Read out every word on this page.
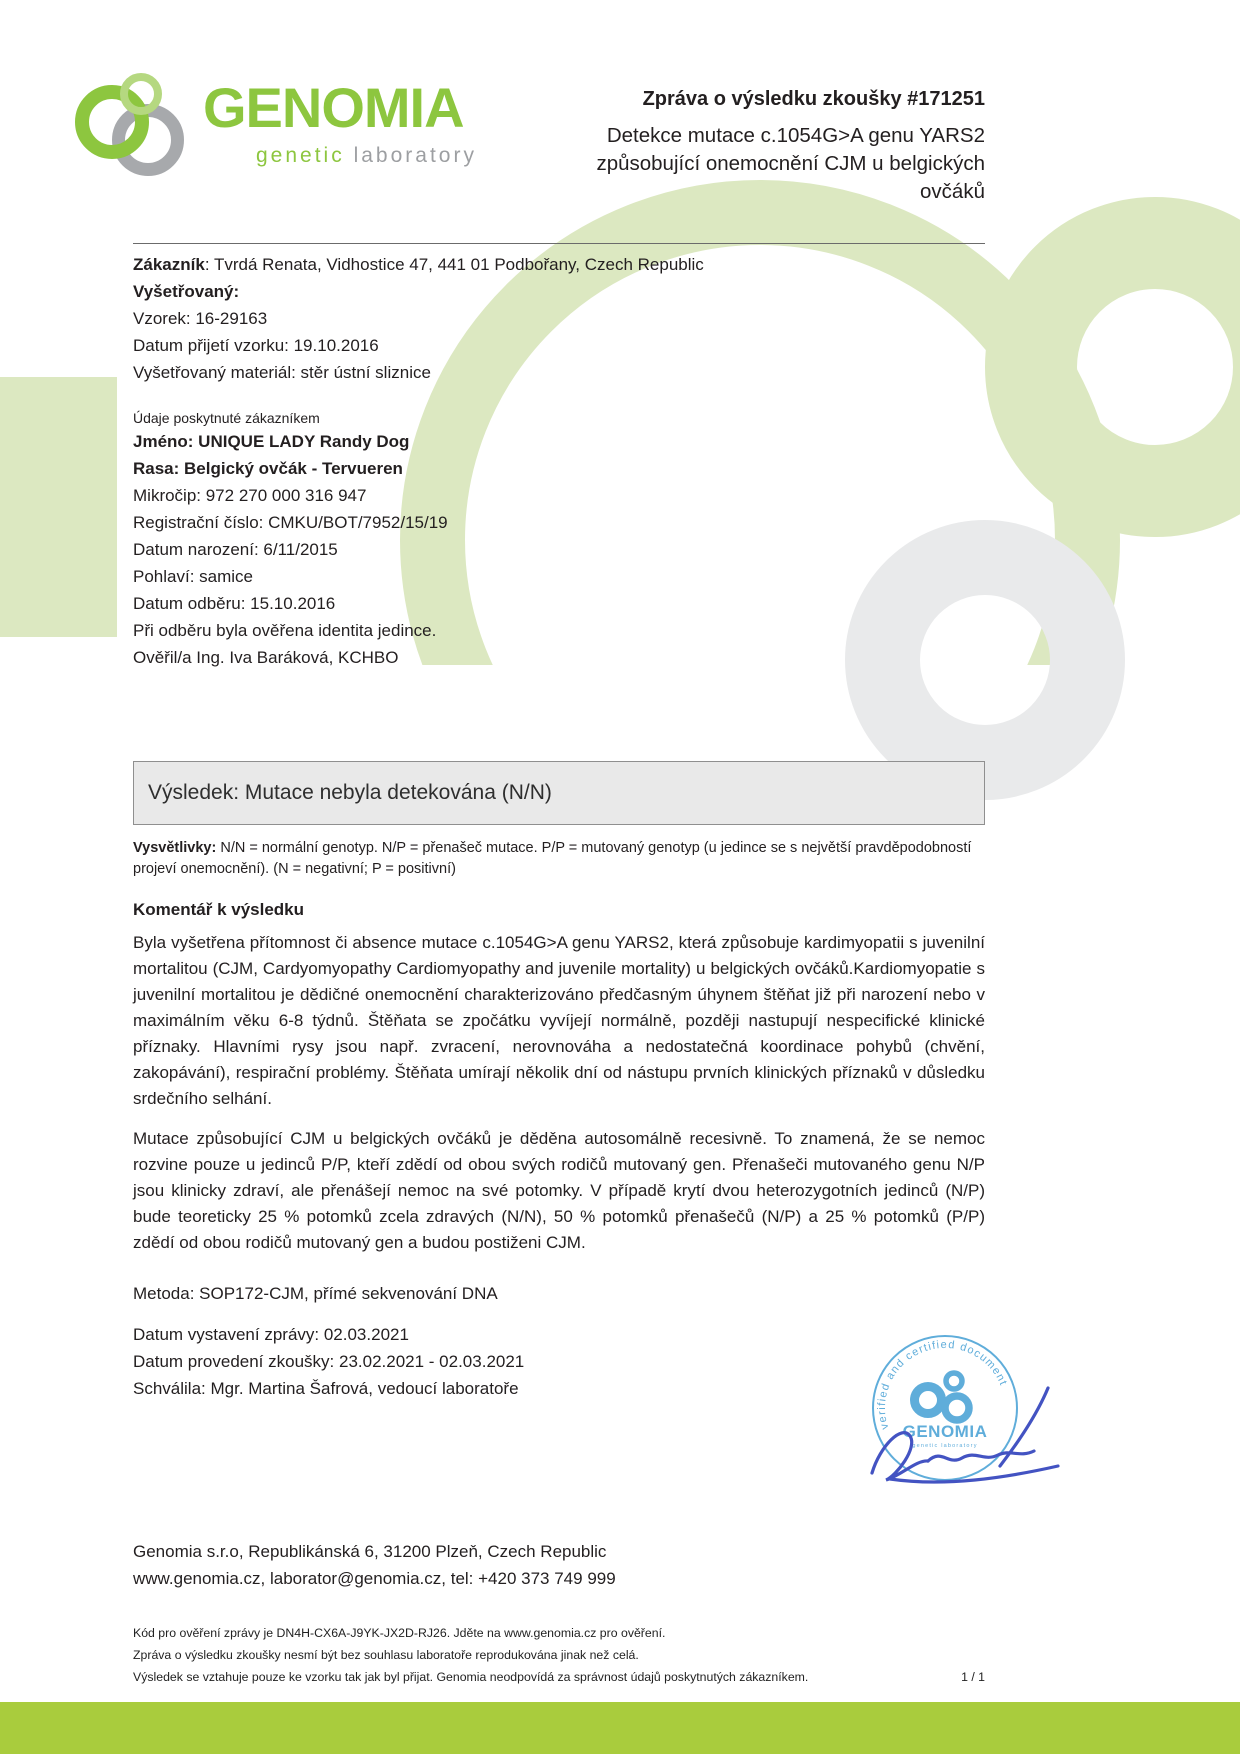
GENOMIA
genetic laboratory

Zpráva o výsledku zkoušky #171251

Detekce mutace c.1054G>A genu YARS2
způsobující onemocnění CJM u belgických
ovčáků
Zákazník: Tvrdá Renata, Vidhostice 47, 441 01 Podbořany, Czech Republic
Vyšetřovaný:
Vzorek: 16-29163
Datum přijetí vzorku: 19.10.2016
Vyšetřovaný materiál: stěr ústní sliznice
Údaje poskytnuté zákazníkem
Jméno: UNIQUE LADY Randy Dog
Rasa: Belgický ovčák - Tervueren
Mikročip: 972 270 000 316 947
Registrační číslo: CMKU/BOT/7952/15/19
Datum narození: 6/11/2015
Pohlaví: samice
Datum odběru: 15.10.2016
Při odběru byla ověřena identita jedince.
Ověřil/a Ing. Iva Baráková, KCHBO
Výsledek: Mutace nebyla detekována (N/N)
Vysvětlivky: N/N = normální genotyp. N/P = přenašeč mutace. P/P = mutovaný genotyp (u jedince se s největší pravděpodobností projeví onemocnění). (N = negativní; P = positivní)
Komentář k výsledku

Byla vyšetřena přítomnost či absence mutace c.1054G>A genu YARS2, která způsobuje kardimyopatii s juvenilní mortalitou (CJM, Cardyomyopathy Cardiomyopathy and juvenile mortality) u belgických ovčáků.Kardiomyopatie s juvenilní mortalitou je dědičné onemocnění charakterizováno předčasným úhynem štěňat již při narození nebo v maximálním věku 6-8 týdnů. Štěňata se zpočátku vyvíjejí normálně, později nastupují nespecifické klinické příznaky. Hlavními rysy jsou např. zvracení, nerovnováha a nedostatečná koordinace pohybů (chvění, zakopávání), respirační problémy. Štěňata umírají několik dní od nástupu prvních klinických příznaků v důsledku srdečního selhání.

Mutace způsobující CJM u belgických ovčáků je děděna autosomálně recesivně. To znamená, že se nemoc rozvine pouze u jedinců P/P, kteří zdědí od obou svých rodičů mutovaný gen. Přenašeči mutovaného genu N/P jsou klinicky zdraví, ale přenášejí nemoc na své potomky. V případě krytí dvou heterozygotních jedinců (N/P) bude teoreticky 25 % potomků zcela zdravých (N/N), 50 % potomků přenašečů (N/P) a 25 % potomků (P/P) zdědí od obou rodičů mutovaný gen a budou postiženi CJM.

Metoda: SOP172-CJM, přímé sekvenování DNA
Datum vystavení zprávy: 02.03.2021
Datum provedení zkoušky: 23.02.2021 - 02.03.2021
Schválila: Mgr. Martina Šafrová, vedoucí laboratoře
verified and certified document
GENOMIA
genetic laboratory
Genomia s.r.o, Republikánská 6, 31200 Plzeň, Czech Republic
www.genomia.cz, laborator@genomia.cz, tel: +420 373 749 999
Kód pro ověření zprávy je DN4H-CX6A-J9YK-JX2D-RJ26. Jděte na www.genomia.cz pro ověření.
Zpráva o výsledku zkoušky nesmí být bez souhlasu laboratoře reprodukována jinak než celá.
Výsledek se vztahuje pouze ke vzorku tak jak byl přijat. Genomia neodpovídá za správnost údajů poskytnutých zákazníkem.	1 / 1
